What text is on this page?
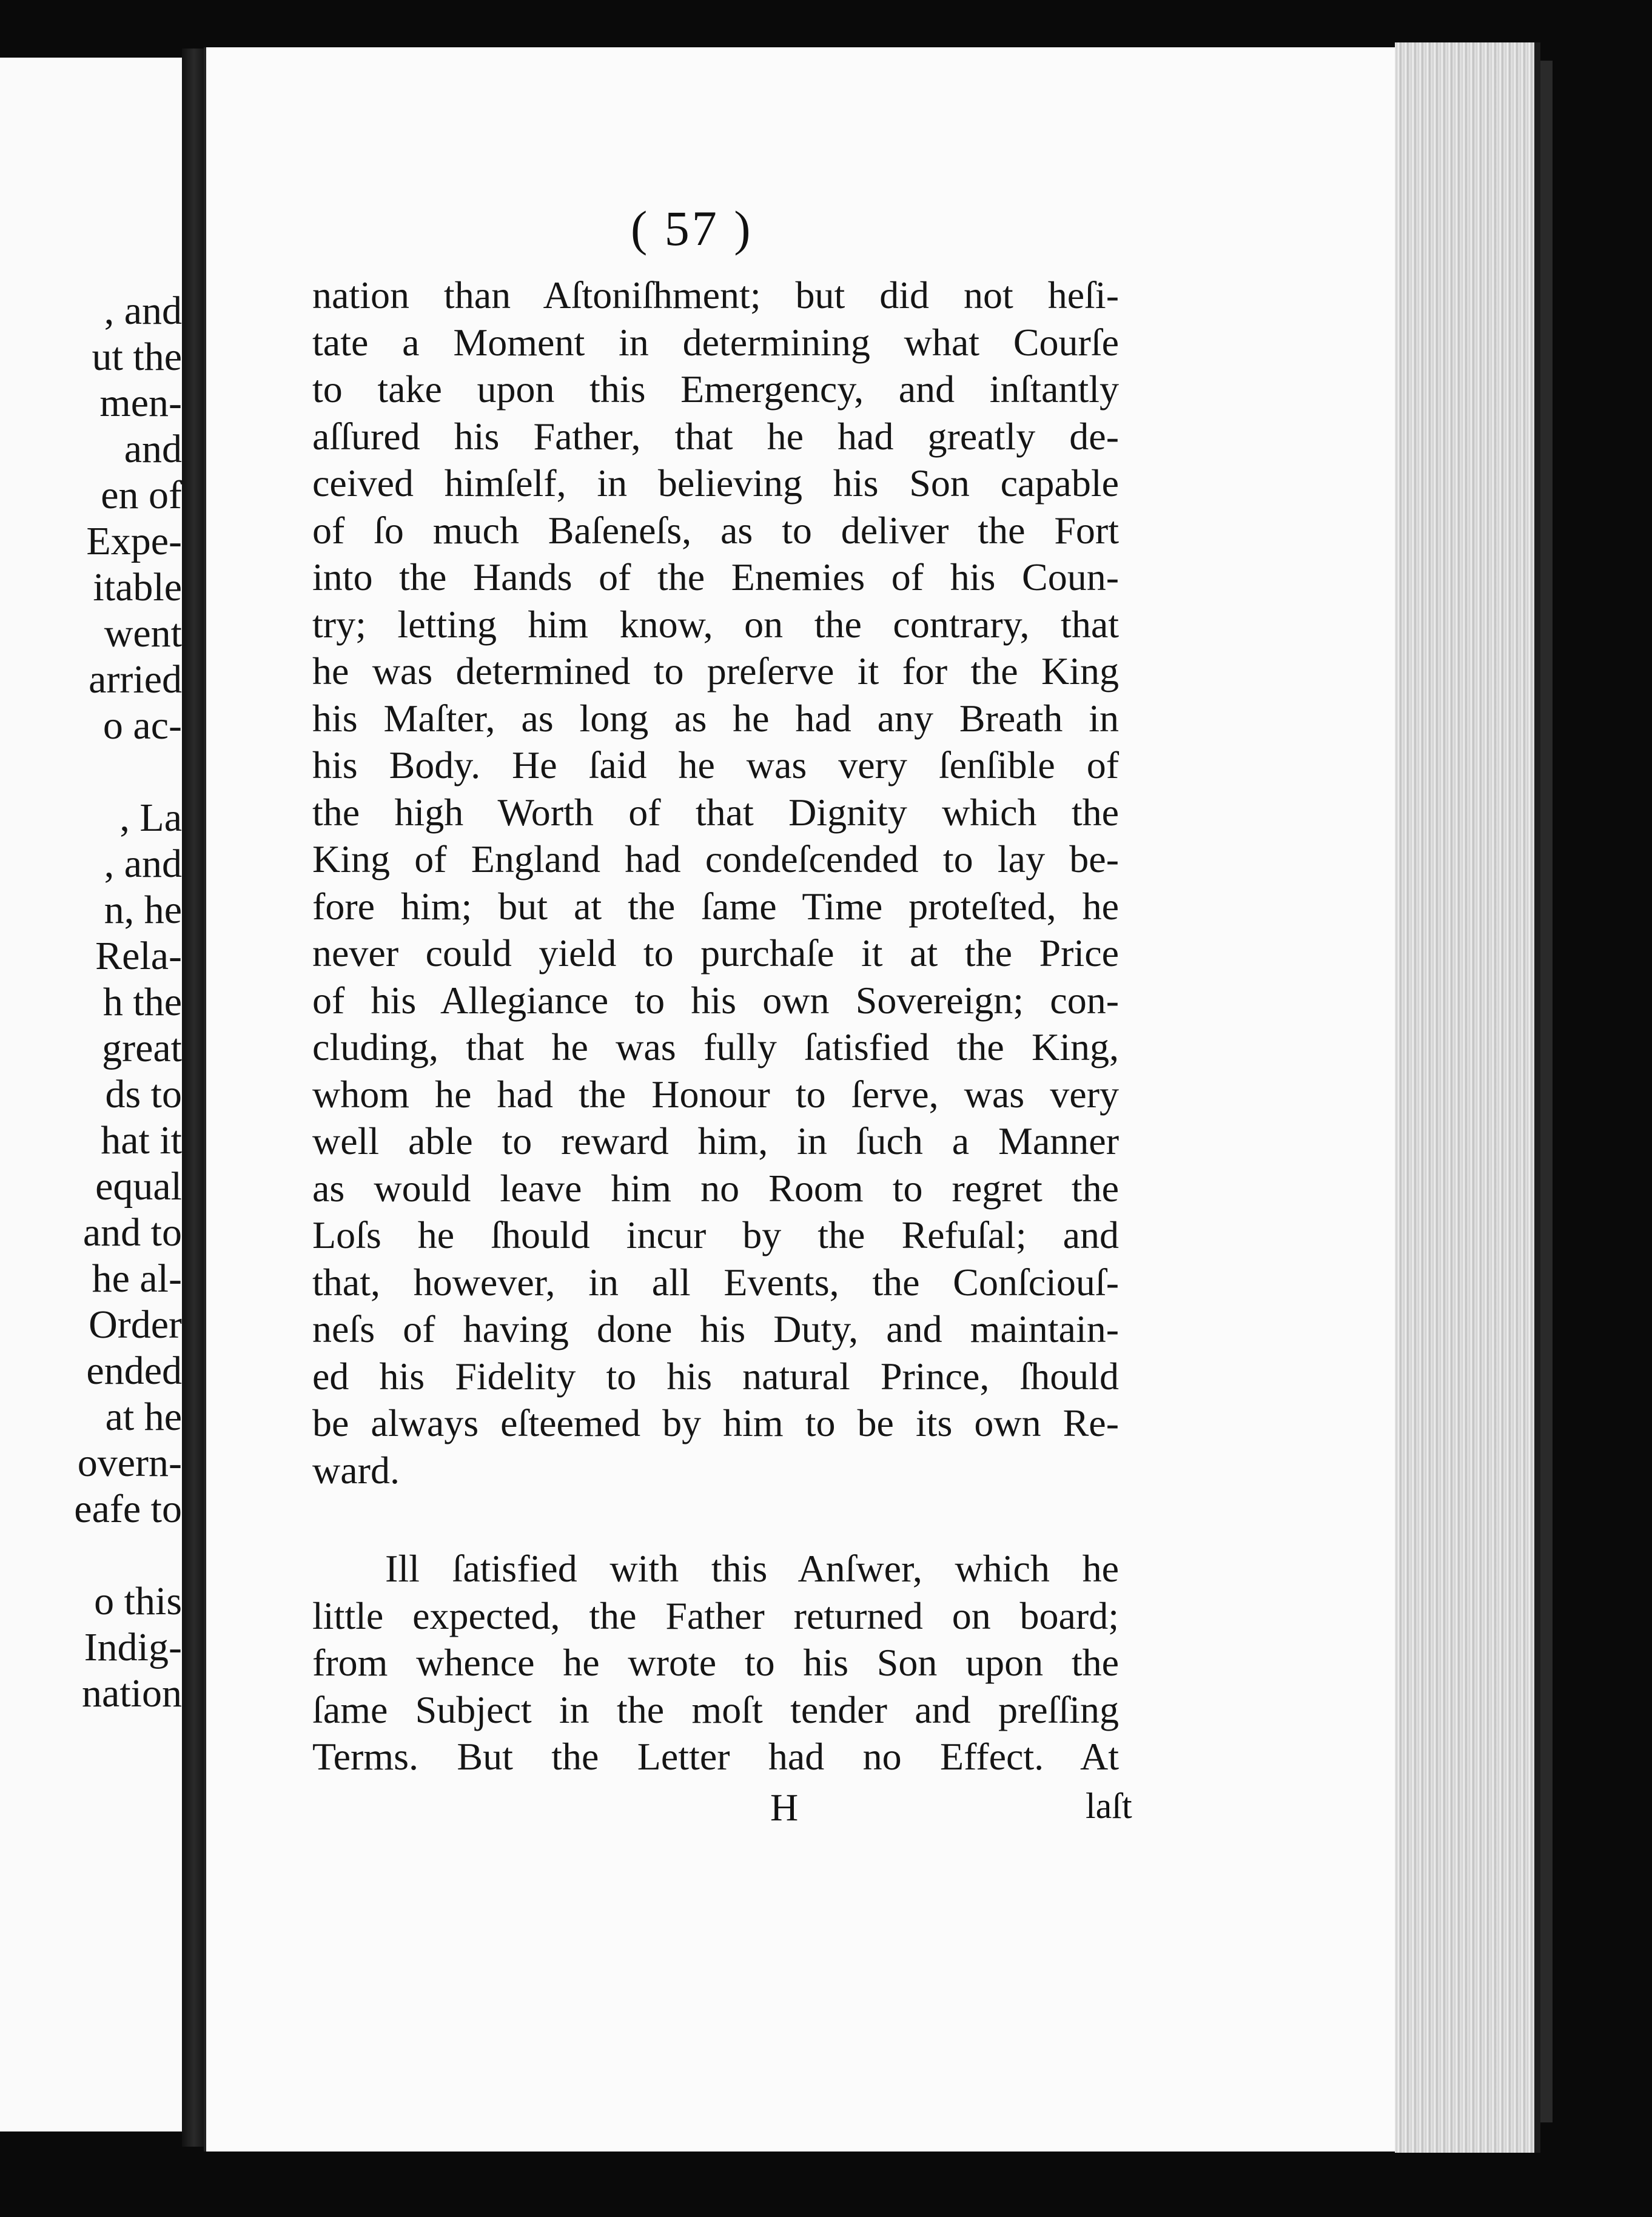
, and
ut the
men-
and
en of
Expe-
itable
went
arried
o ac-
, La
, and
n, he
Rela-
h the
great
ds to
hat it
equal
and to
he al-
Order
ended
at he
overn-
eafe to
o this
Indig-
nation
( 57 )
nation than Aſtoniſhment; but did not heſi-
tate a Moment in determining what Courſe
to take upon this Emergency, and inſtantly
aſſured his Father, that he had greatly de-
ceived himſelf, in believing his Son capable
of ſo much Baſeneſs, as to deliver the Fort
into the Hands of the Enemies of his Coun-
try; letting him know, on the contrary, that
he was determined to preſerve it for the King
his Maſter, as long as he had any Breath in
his Body. He ſaid he was very ſenſible of
the high Worth of that Dignity which the
King of England had condeſcended to lay be-
fore him; but at the ſame Time proteſted, he
never could yield to purchaſe it at the Price
of his Allegiance to his own Sovereign; con-
cluding, that he was fully ſatisfied the King,
whom he had the Honour to ſerve, was very
well able to reward him, in ſuch a Manner
as would leave him no Room to regret the
Loſs he ſhould incur by the Refuſal; and
that, however, in all Events, the Conſciouſ-
neſs of having done his Duty, and maintain-
ed his Fidelity to his natural Prince, ſhould
be always eſteemed by him to be its own Re-
ward.
Ill ſatisfied with this Anſwer, which he
little expected, the Father returned on board;
from whence he wrote to his Son upon the
ſame Subject in the moſt tender and preſſing
Terms. But the Letter had no Effect. At
H	laſt
